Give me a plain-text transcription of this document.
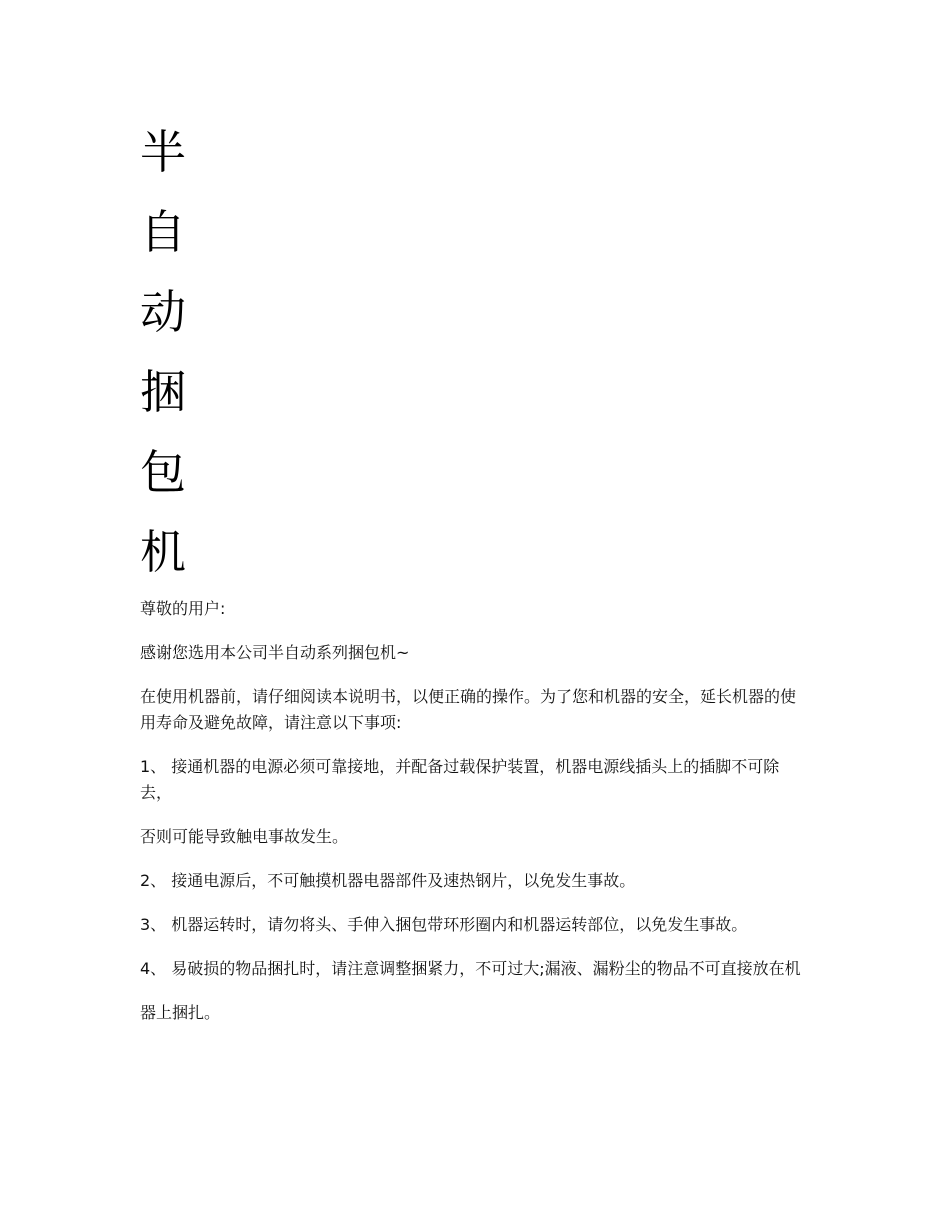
半
自
动
捆
包
机

尊敬的用户:

感谢您选用本公司半自动系列捆包机~

在使用机器前，请仔细阅读本说明书，以便正确的操作。为了您和机器的安全，延长机器的使用寿命及避免故障，请注意以下事项:

1、 接通机器的电源必须可靠接地，并配备过载保护装置，机器电源线插头上的插脚不可除去，

否则可能导致触电事故发生。

2、 接通电源后，不可触摸机器电器部件及速热钢片，以免发生事故。

3、 机器运转时，请勿将头、手伸入捆包带环形圈内和机器运转部位，以免发生事故。

4、 易破损的物品捆扎时，请注意调整捆紧力，不可过大;漏液、漏粉尘的物品不可直接放在机

器上捆扎。
